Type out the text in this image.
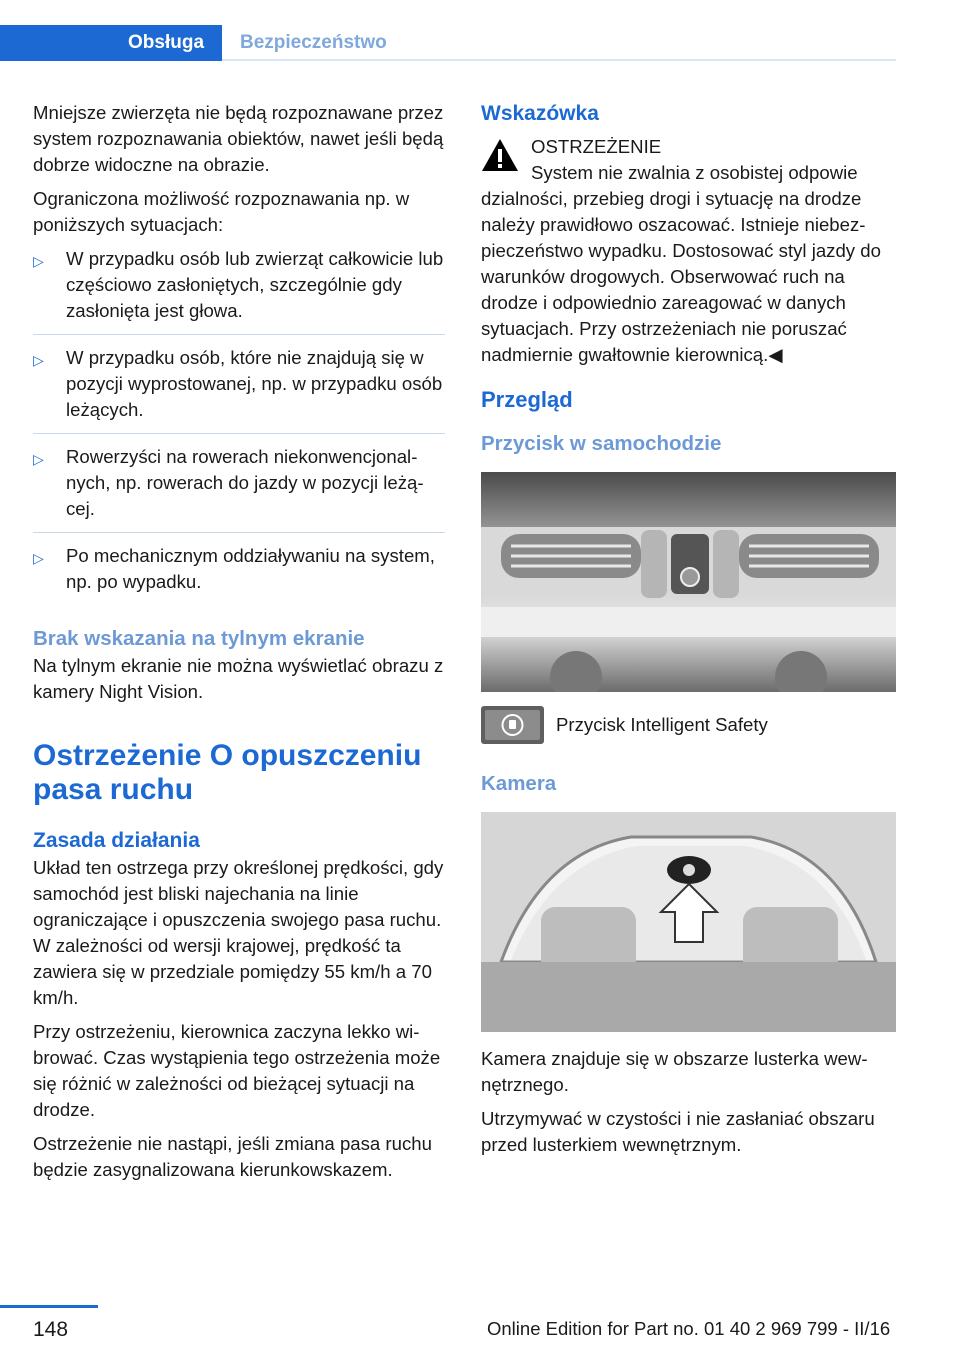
Obsługa	Bezpieczeństwo

Mniejsze zwierzęta nie będą rozpoznawane przez system rozpoznawania obiektów, nawet jeśli będą dobrze widoczne na obrazie.

Ograniczona możliwość rozpoznawania np. w poniższych sytuacjach:

▷ W przypadku osób lub zwierząt całkowicie lub częściowo zasłoniętych, szczególnie gdy zasłonięta jest głowa.
▷ W przypadku osób, które nie znajdują się w pozycji wyprostowanej, np. w przypadku osób leżących.
▷ Rowerzyści na rowerach niekonwencjonalnych, np. rowerach do jazdy w pozycji leżącej.
▷ Po mechanicznym oddziaływaniu na system, np. po wypadku.
Brak wskazania na tylnym ekranie

Na tylnym ekranie nie można wyświetlać obrazu z kamery Night Vision.

Ostrzeżenie O opuszczeniu pasa ruchu
Zasada działania

Układ ten ostrzega przy określonej prędkości, gdy samochód jest bliski najechania na linie ograniczające i opuszczenia swojego pasa ruchu. W zależności od wersji krajowej, prędkość ta zawiera się w przedziale pomiędzy 55 km/h a 70 km/h.

Przy ostrzeżeniu, kierownica zaczyna lekko wibrować. Czas wystąpienia tego ostrzeżenia może się różnić w zależności od bieżącej sytuacji na drodze.

Ostrzeżenie nie nastąpi, jeśli zmiana pasa ruchu będzie zasygnalizowana kierunkowskazem.

Wskazówka
OSTRZEŻENIE
System nie zwalnia z osobistej odpowie
dzialności, przebieg drogi i sytuację na drodze należy prawidłowo oszacować. Istnieje niebezpieczeństwo wypadku. Dostosować styl jazdy do warunków drogowych. Obserwować ruch na drodze i odpowiednio zareagować w danych sytuacjach. Przy ostrzeżeniach nie poruszać nadmiernie gwałtownie kierownicą.◀
Przegląd
Przycisk w samochodzie
Przycisk Intelligent Safety
Kamera

Kamera znajduje się w obszarze lusterka wewnętrznego.

Utrzymywać w czystości i nie zasłaniać obszaru przed lusterkiem wewnętrznym.

148	Online Edition for Part no. 01 40 2 969 799 - II/16
